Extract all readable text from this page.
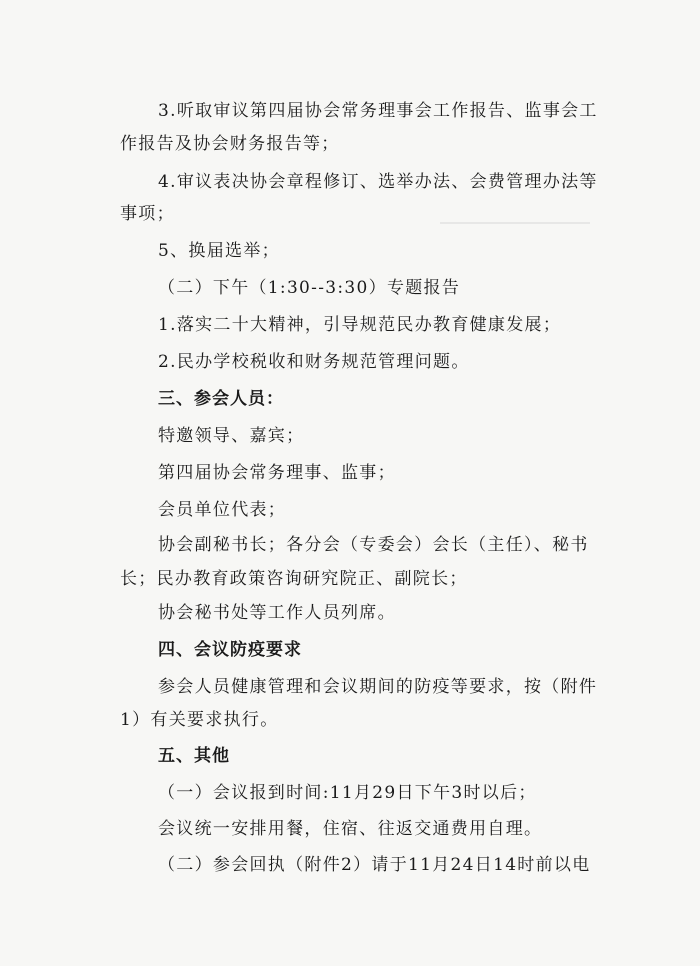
3.听取审议第四届协会常务理事会工作报告、监事会工
作报告及协会财务报告等；
4.审议表决协会章程修订、选举办法、会费管理办法等
事项；
5、换届选举；
（二）下午（1:30--3:30）专题报告
1.落实二十大精神，引导规范民办教育健康发展；
2.民办学校税收和财务规范管理问题。
三、参会人员：
特邀领导、嘉宾；
第四届协会常务理事、监事；
会员单位代表；
协会副秘书长；各分会（专委会）会长（主任）、秘书
长；民办教育政策咨询研究院正、副院长；
协会秘书处等工作人员列席。
四、会议防疫要求
参会人员健康管理和会议期间的防疫等要求，按（附件
1）有关要求执行。
五、其他
（一）会议报到时间:11月29日下午3时以后；
会议统一安排用餐，住宿、往返交通费用自理。
（二）参会回执（附件2）请于11月24日14时前以电
